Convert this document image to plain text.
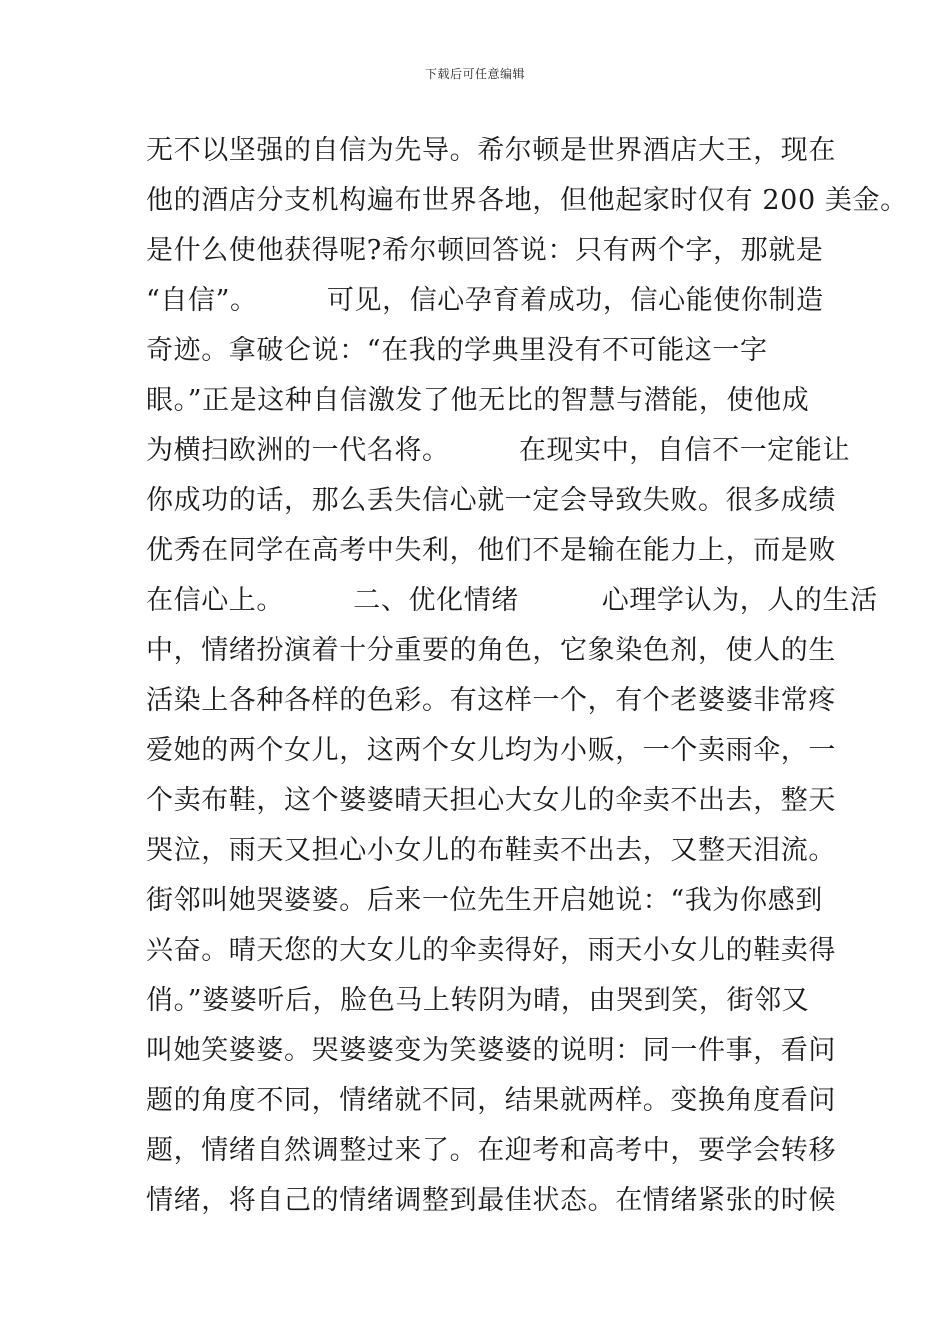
下载后可任意编辑
无不以坚强的自信为先导。希尔顿是世界酒店大王，现在
他的酒店分支机构遍布世界各地，但他起家时仅有 200 美金。
是什么使他获得呢?希尔顿回答说：只有两个字，那就是
“自信”。　　　可见，信心孕育着成功，信心能使你制造
奇迹。拿破仑说：“在我的学典里没有不可能这一字
眼。”正是这种自信激发了他无比的智慧与潜能，使他成
为横扫欧洲的一代名将。　　　在现实中，自信不一定能让
你成功的话，那么丢失信心就一定会导致失败。很多成绩
优秀在同学在高考中失利，他们不是输在能力上，而是败
在信心上。　　　二、优化情绪　　　心理学认为，人的生活
中，情绪扮演着十分重要的角色，它象染色剂，使人的生
活染上各种各样的色彩。有这样一个，有个老婆婆非常疼
爱她的两个女儿，这两个女儿均为小贩，一个卖雨伞，一
个卖布鞋，这个婆婆晴天担心大女儿的伞卖不出去，整天
哭泣，雨天又担心小女儿的布鞋卖不出去，又整天泪流。
街邻叫她哭婆婆。后来一位先生开启她说：“我为你感到
兴奋。晴天您的大女儿的伞卖得好，雨天小女儿的鞋卖得
俏。”婆婆听后，脸色马上转阴为晴，由哭到笑，街邻又
叫她笑婆婆。哭婆婆变为笑婆婆的说明：同一件事，看问
题的角度不同，情绪就不同，结果就两样。变换角度看问
题，情绪自然调整过来了。在迎考和高考中，要学会转移
情绪，将自己的情绪调整到最佳状态。在情绪紧张的时候
